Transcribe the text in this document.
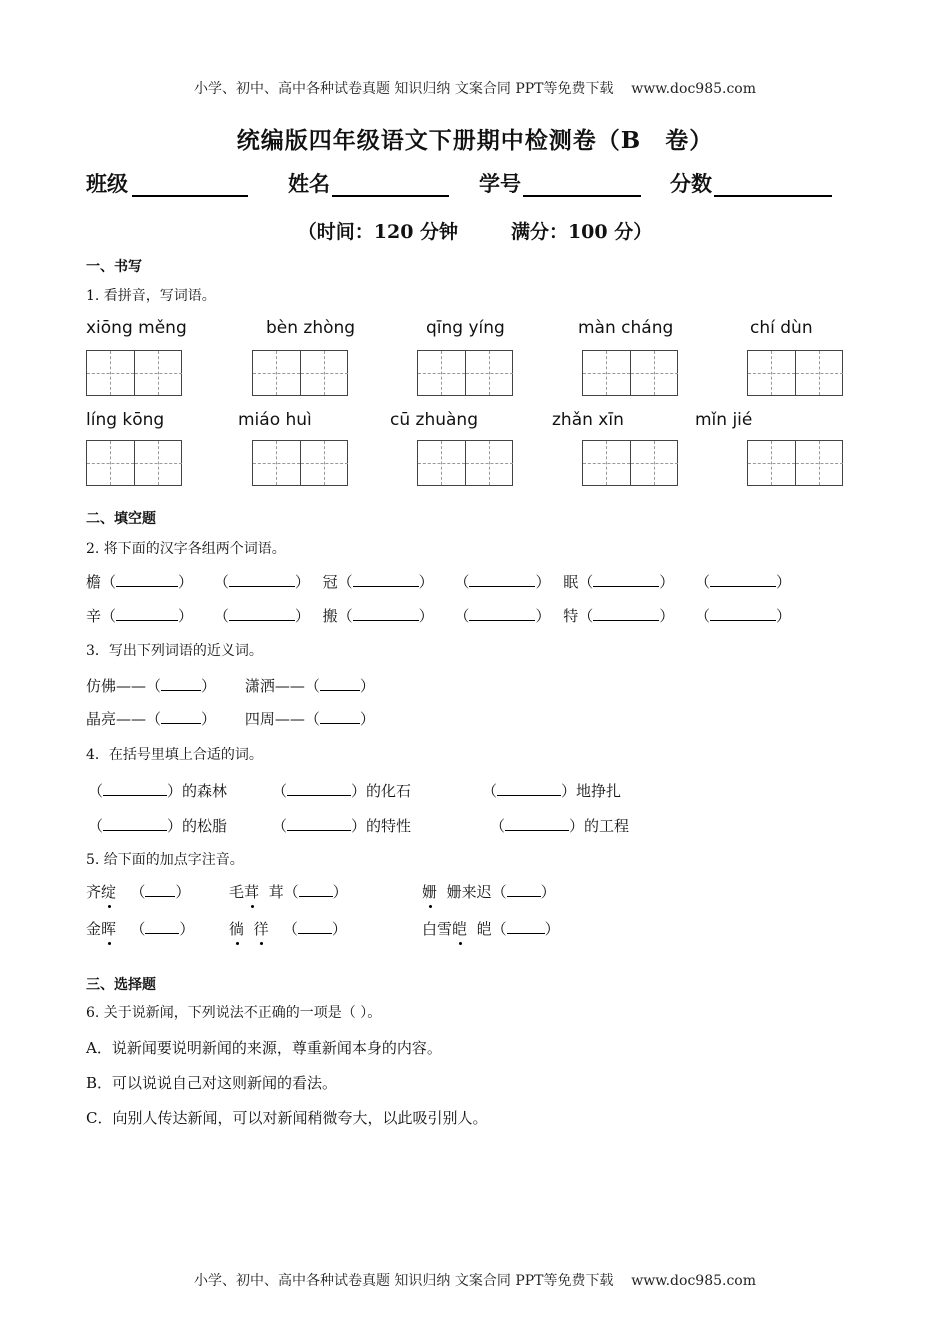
小学、初中、高中各种试卷真题 知识归纳 文案合同 PPT等免费下载    www.doc985.com
小学、初中、高中各种试卷真题 知识归纳 文案合同 PPT等免费下载    www.doc985.com
统编版四年级语文下册期中检测卷（B　卷）
班级	姓名	学号	分数
（时间：120 分钟        满分：100 分）
一、书写
1. 看拼音，写词语。
xiōng měng	bèn zhòng	qīng yíng	màn cháng	chí dùn
líng kōng	miáo huì	cū zhuàng	zhǎn xīn	mǐn jié
二、填空题
2. 将下面的汉字各组两个词语。
檐（	） （	） 冠（	） （	） 眠（	） （	）
辛（	） （	） 搬（	） （	） 特（	） （	）
3．写出下列词语的近义词。
仿佛——（	） 潇洒——（	）
晶亮——（	） 四周——（	）
4．在括号里填上合适的词。
（	）的森林	（	）的化石	（	）地挣扎
（	）的松脂	（	）的特性	（	）的工程
5. 给下面的加点字注音。
齐绽   （ ）	毛茸 茸（ ）	姗 姗来迟（ ）
金晖   （ ） 徜 徉   （ ）	白雪皑 皑（	）
三、选择题
6. 关于说新闻，下列说法不正确的一项是（ ）。
A．说新闻要说明新闻的来源，尊重新闻本身的内容。
B．可以说说自己对这则新闻的看法。
C．向别人传达新闻，可以对新闻稍微夸大，以此吸引别人。
